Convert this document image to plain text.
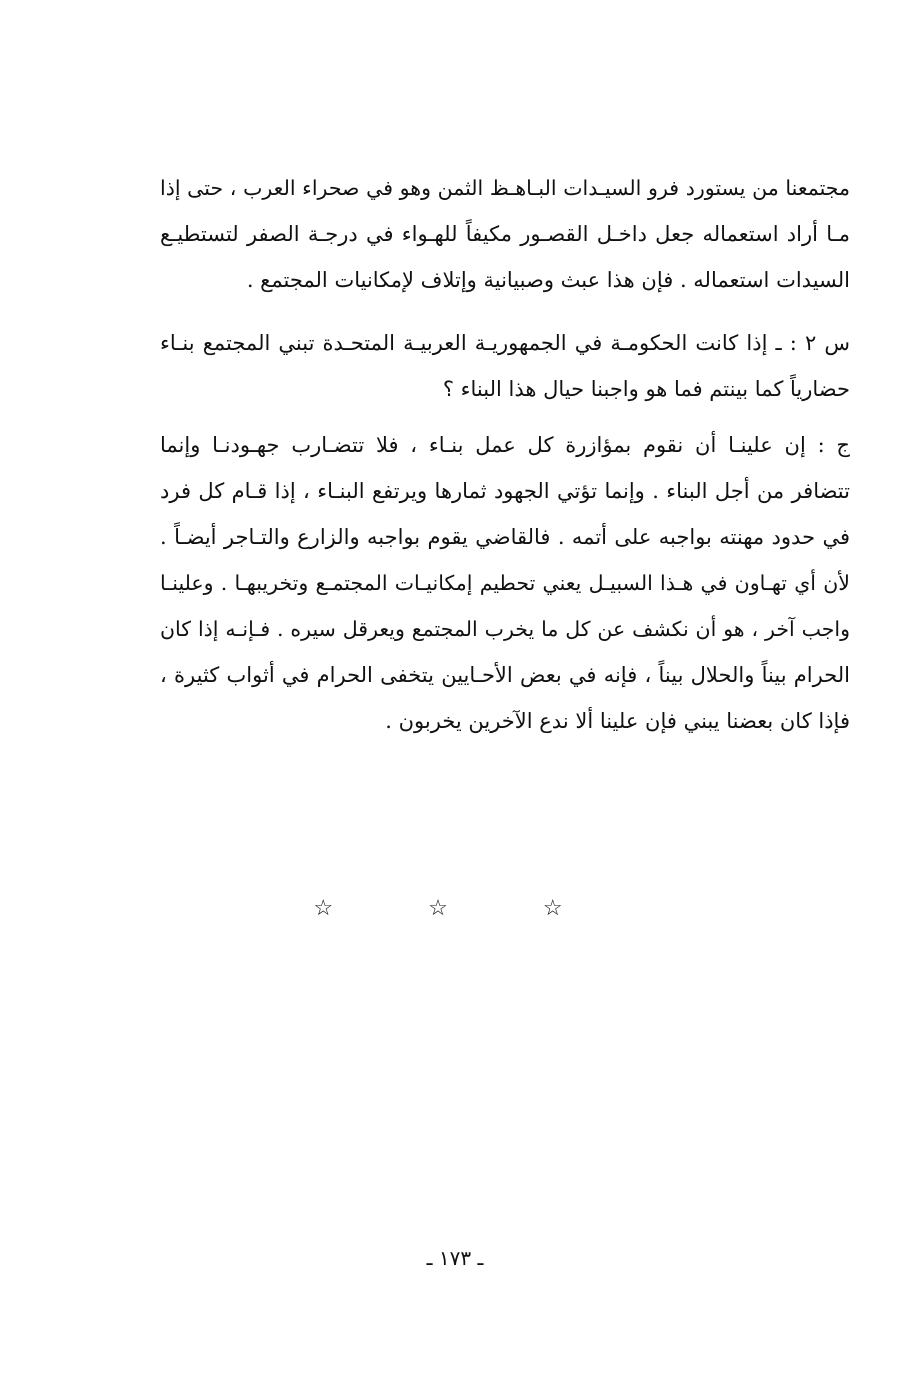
مجتمعنا من يستورد فرو السيـدات البـاهـظ الثمن وهو في صحراء العرب ، حتى إذا
مـا أراد استعماله جعل داخـل القصـور مكيفاً للهـواء في درجـة الصفر لتستطيـع
السيدات استعماله . فإن هذا عبث وصبيانية وإتلاف لإمكانيات المجتمع .
س ٢ : ـ إذا كانت الحكومـة في الجمهوريـة العربيـة المتحـدة تبني المجتمع بنـاء
حضارياً كما بينتم فما هو واجبنا حيال هذا البناء ؟
ج : إن علينـا أن نقوم بمؤازرة كل عمل بنـاء ، فلا تتضـارب جهـودنـا وإنما
تتضافر من أجل البناء . وإنما تؤتي الجهود ثمارها ويرتفع البنـاء ، إذا قـام كل فرد
في حدود مهنته بواجبه على أتمه . فالقاضي يقوم بواجبه والزارع والتـاجر أيضـاً .
لأن أي تهـاون في هـذا السبيـل يعني تحطيم إمكانيـات المجتمـع وتخريبهـا . وعلينـا
واجب آخر ، هو أن نكشف عن كل ما يخرب المجتمع ويعرقل سيره . فـإنـه إذا كان
الحرام بيناً والحلال بيناً ، فإنه في بعض الأحـايين يتخفى الحرام في أثواب كثيرة ،
فإذا كان بعضنا يبني فإن علينا ألا ندع الآخرين يخربون .
☆ ☆ ☆
ـ ١٧٣ ـ
